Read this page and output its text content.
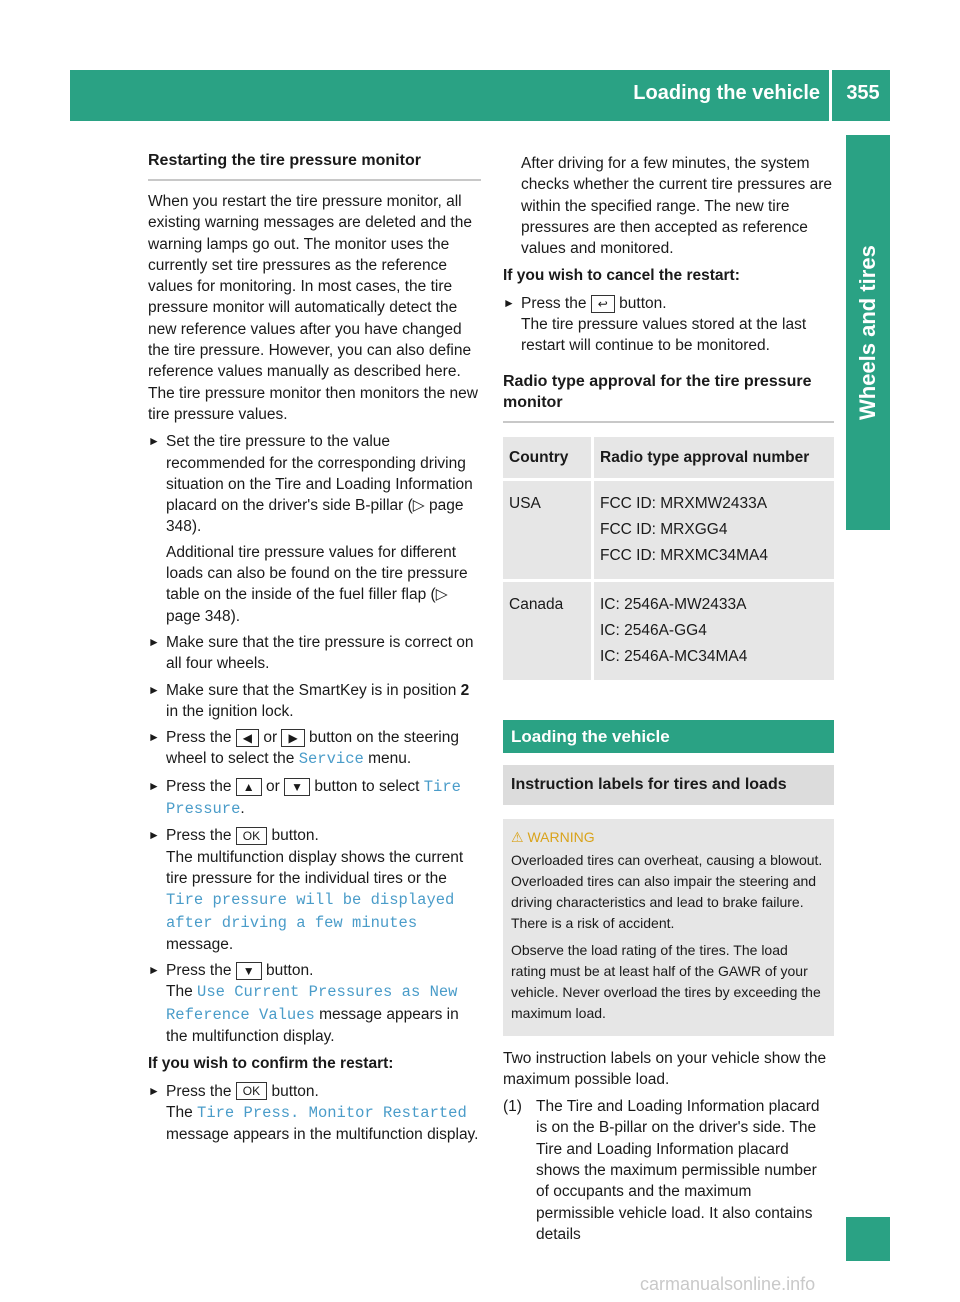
Loading the vehicle	355
Wheels and tires
Restarting the tire pressure monitor

When you restart the tire pressure monitor, all existing warning messages are deleted and the warning lamps go out. The monitor uses the currently set tire pressures as the reference values for monitoring. In most cases, the tire pressure monitor will automatically detect the new reference values after you have changed the tire pressure. However, you can also define reference values manually as described here. The tire pressure monitor then monitors the new tire pressure values.

► Set the tire pressure to the value recommended for the corresponding driving situation on the Tire and Loading Information placard on the driver's side B-pillar (▷ page 348).
Additional tire pressure values for different loads can also be found on the tire pressure table on the inside of the fuel filler flap (▷ page 348).
► Make sure that the tire pressure is correct on all four wheels.
► Make sure that the SmartKey is in position 2 in the ignition lock.
► Press the ◀ or ▶ button on the steering wheel to select the Service menu.
► Press the ▲ or ▼ button to select Tire Pressure.
► Press the OK button.
The multifunction display shows the current tire pressure for the individual tires or the Tire pressure will be displayed after driving a few minutes message.
► Press the ▼ button.
The Use Current Pressures as New Reference Values message appears in the multifunction display.

If you wish to confirm the restart:

► Press the OK button.
The Tire Press. Monitor Restarted message appears in the multifunction display.

After driving for a few minutes, the system checks whether the current tire pressures are within the specified range. The new tire pressures are then accepted as reference values and monitored.

If you wish to cancel the restart:

► Press the ↩ button.
The tire pressure values stored at the last restart will continue to be monitored.
Radio type approval for the tire pressure monitor
Country	Radio type approval number
USA	FCC ID: MRXMW2433A
FCC ID: MRXGG4
FCC ID: MRXMC34MA4

Canada	IC: 2546A-MW2433A
IC: 2546A-GG4
IC: 2546A-MC34MA4
Loading the vehicle
Instruction labels for tires and loads
⚠ WARNING

Overloaded tires can overheat, causing a blowout. Overloaded tires can also impair the steering and driving characteristics and lead to brake failure. There is a risk of accident.

Observe the load rating of the tires. The load rating must be at least half of the GAWR of your vehicle. Never overload the tires by exceeding the maximum load.

Two instruction labels on your vehicle show the maximum possible load.

(1) The Tire and Loading Information placard is on the B-pillar on the driver's side. The Tire and Loading Information placard shows the maximum permissible number of occupants and the maximum permissible vehicle load. It also contains details
carmanualsonline.info
